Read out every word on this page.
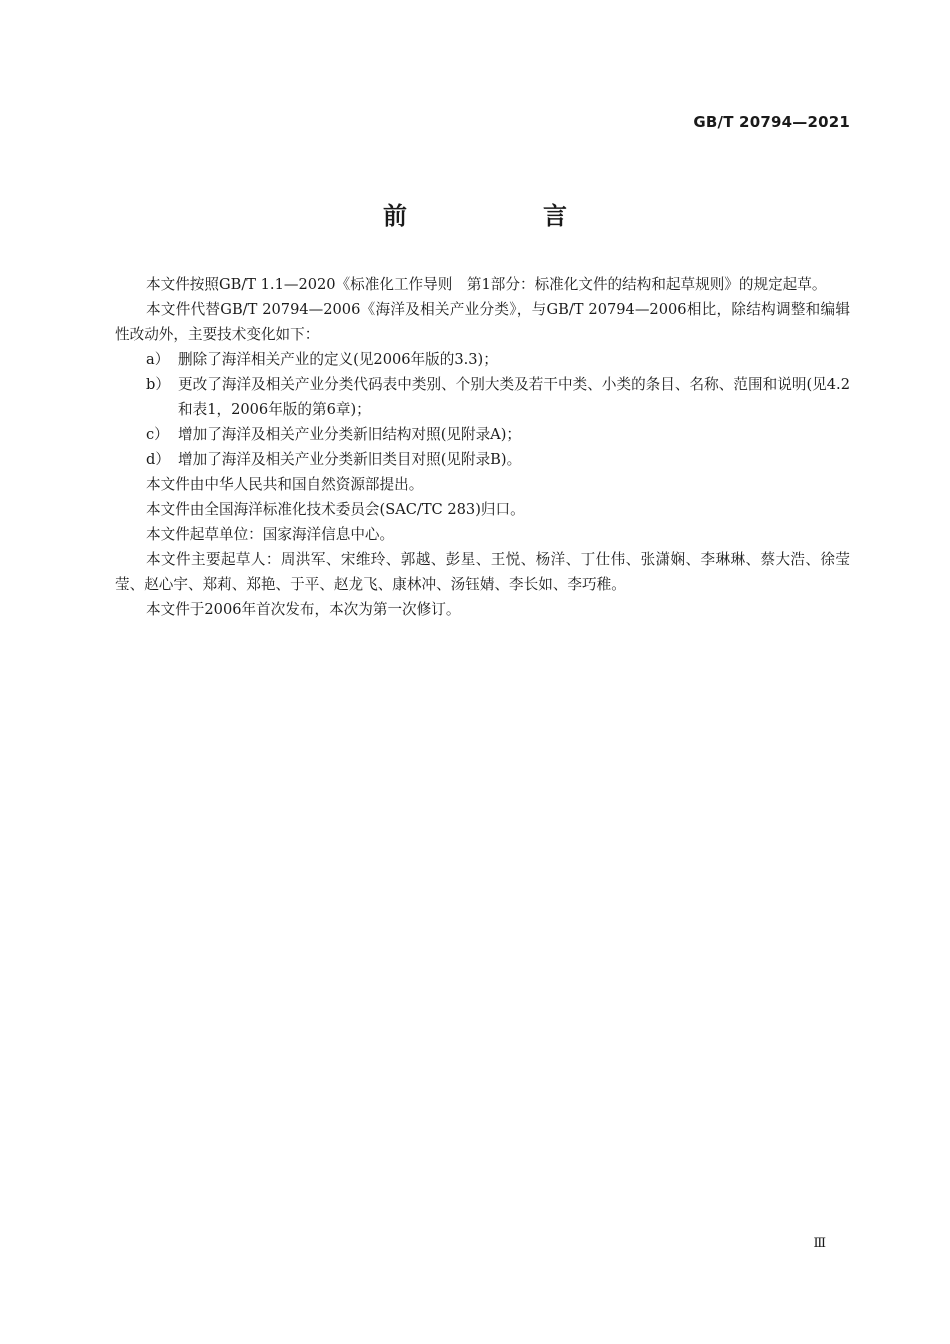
GB/T 20794—2021
前　言

本文件按照GB/T 1.1—2020《标准化工作导则　第1部分：标准化文件的结构和起草规则》的规定起草。

本文件代替GB/T 20794—2006《海洋及相关产业分类》，与GB/T 20794—2006相比，除结构调整和编辑性改动外，主要技术变化如下：

a） 删除了海洋相关产业的定义(见2006年版的3.3)；
b） 更改了海洋及相关产业分类代码表中类别、个别大类及若干中类、小类的条目、名称、范围和说明(见4.2和表1，2006年版的第6章)；
c） 增加了海洋及相关产业分类新旧结构对照(见附录A)；
d） 增加了海洋及相关产业分类新旧类目对照(见附录B)。

本文件由中华人民共和国自然资源部提出。

本文件由全国海洋标准化技术委员会(SAC/TC 283)归口。

本文件起草单位：国家海洋信息中心。

本文件主要起草人：周洪军、宋维玲、郭越、彭星、王悦、杨洋、丁仕伟、张潇娴、李琳琳、蔡大浩、徐莹莹、赵心宇、郑莉、郑艳、于平、赵龙飞、康林冲、汤钰婧、李长如、李巧稚。

本文件于2006年首次发布，本次为第一次修订。

Ⅲ
